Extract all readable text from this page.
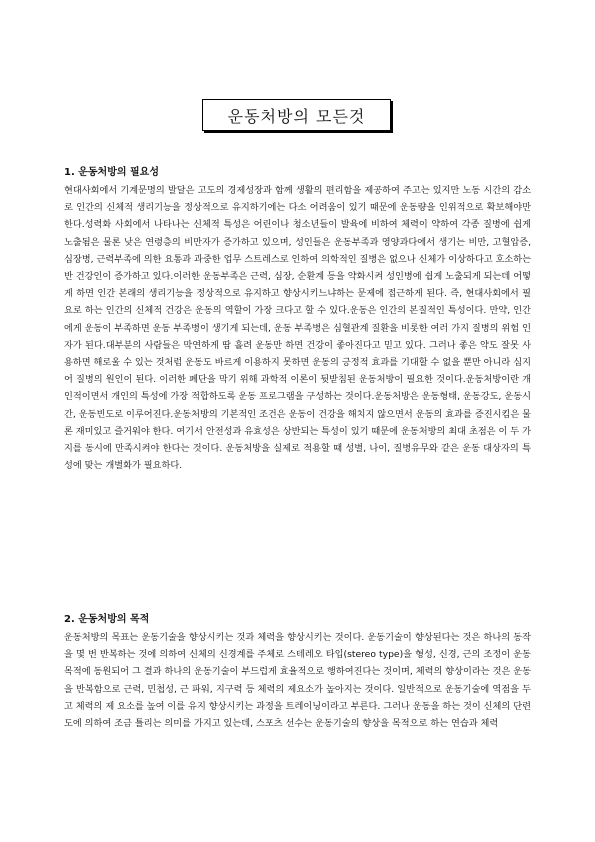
운동처방의 모든것

1. 운동처방의 필요성

현대사회에서 기계문명의 발달은 고도의 경제성장과 함께 생활의 편리함을 제공하여 주고는 있지만 노동 시간의 감소로 인간의 신체적 생리기능을 정상적으로 유지하기에는 다소 어려움이 있기 때문에 운동량을 인위적으로 확보해야만 한다.성력화 사회에서 나타나는 신체적 특성은 어린이나 청소년들이 발육에 비하여 체력이 약하여 각종 질병에 쉽게 노출됨은 물론 낮은 연령층의 비만자가 증가하고 있으며, 성인들은 운동부족과 영양과다에서 생기는 비만, 고혈압증, 심장병, 근력부족에 의한 요통과 과중한 업무 스트레스로 인하여 의학적인 질병은 없으나 신체가 이상하다고 호소하는 반 건강인이 증가하고 있다.이러한 운동부족은 근력, 심장, 순환계 등을 약화시켜 성인병에 쉽게 노출되게 되는데 어떻게 하면 인간 본래의 생리기능을 정상적으로 유지하고 향상시키느냐하는 문제에 접근하게 된다. 즉, 현대사회에서 필요로 하는 인간의 신체적 건강은 운동의 역할이 가장 크다고 할 수 있다.운동은 인간의 본질적인 특성이다. 만약, 인간에게 운동이 부족하면 운동 부족병이 생기게 되는데, 운동 부족병은 심혈관계 질환을 비롯한 여러 가지 질병의 위험 인자가 된다.대부분의 사람들은 막연하게 땀 흘려 운동만 하면 건강이 좋아진다고 믿고 있다. 그러나 좋은 약도 잘못 사용하면 해로울 수 있는 것처럼 운동도 바르게 이용하지 못하면 운동의 긍정적 효과를 기대할 수 없을 뿐만 아니라 심지어 질병의 원인이 된다. 이러한 폐단을 막기 위해 과학적 이론이 뒷받침된 운동처방이 필요한 것이다.운동처방이란 개인적이면서 개인의 특성에 가장 적합하도록 운동 프로그램을 구성하는 것이다.운동처방은 운동형태, 운동강도, 운동시간, 운동빈도로 이루어진다.운동처방의 기본적인 조건은 운동이 건강을 해치지 않으면서 운동의 효과를 증진시킴은 물론 재미있고 즐거워야 한다. 여기서 안전성과 유효성은 상반되는 특성이 있기 때문에 운동처방의 최대 초점은 이 두 가지를 동시에 만족시켜야 한다는 것이다. 운동처방을 실제로 적용할 때 성별, 나이, 질병유무와 같은 운동 대상자의 특성에 맞는 개별화가 필요하다.

2. 운동처방의 목적

운동처방의 목표는 운동기술을 향상시키는 것과 체력을 향상시키는 것이다. 운동기술이 향상된다는 것은 하나의 동작을 몇 번 반복하는 것에 의하여 신체의 신경계를 주체로 스테레오 타입(stereo type)을 형성, 신경, 근의 조정이 운동 목적에 동원되어 그 결과 하나의 운동기술이 부드럽게 효율적으로 행하여진다는 것이며, 체력의 향상이라는 것은 운동을 반복함으로 근력, 민첩성, 근 파워, 지구력 등 체력의 제요소가 높아지는 것이다. 일반적으로 운동기술에 역점을 두고 체력의 제 요소를 높여 이를 유지 향상시키는 과정을 트레이닝이라고 부른다. 그러나 운동을 하는 것이 신체의 단련도에 의하여 조금 틀리는 의미를 가지고 있는데, 스포츠 선수는 운동기술의 향상을 목적으로 하는 연습과 체력
